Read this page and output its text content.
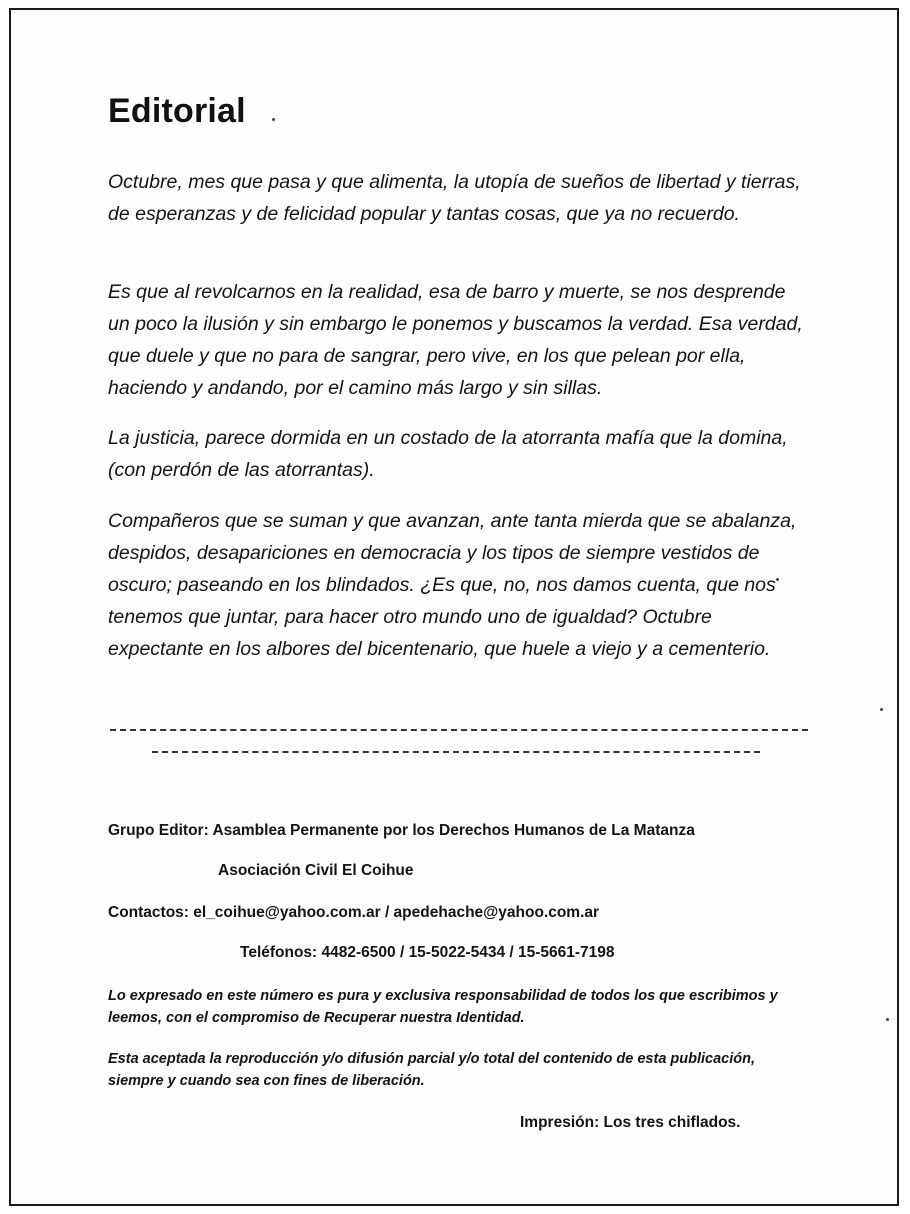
Editorial

Octubre, mes que pasa y que alimenta, la utopía de sueños de libertad y tierras, de esperanzas y de felicidad popular y tantas cosas, que ya no recuerdo.

Es que al revolcarnos en la realidad, esa de barro y muerte, se nos desprende un poco la ilusión y sin embargo le ponemos y buscamos la verdad. Esa verdad, que duele y que no para de sangrar, pero vive, en los que pelean por ella, haciendo y andando, por el camino más largo y sin sillas.

La justicia, parece dormida en un costado de la atorranta mafía que la domina, (con perdón de las atorrantas).

Compañeros que se suman y que avanzan, ante tanta mierda que se abalanza, despidos, desapariciones en democracia y los tipos de siempre vestidos de oscuro; paseando en los blindados. ¿Es que, no, nos damos cuenta, que nos tenemos que juntar, para hacer otro mundo uno de igualdad? Octubre expectante en los albores del bicentenario, que huele a viejo y a cementerio.

Grupo Editor: Asamblea Permanente por los Derechos Humanos de La Matanza

Asociación Civil El Coihue

Contactos: el_coihue@yahoo.com.ar / apedehache@yahoo.com.ar

Teléfonos: 4482-6500 / 15-5022-5434 / 15-5661-7198

Lo expresado en este número es pura y exclusiva responsabilidad de todos los que escribimos y leemos, con el compromiso de Recuperar nuestra Identidad.

Esta aceptada la reproducción y/o difusión parcial y/o total del contenido de esta publicación, siempre y cuando sea con fines de liberación.

Impresión: Los tres chiflados.
